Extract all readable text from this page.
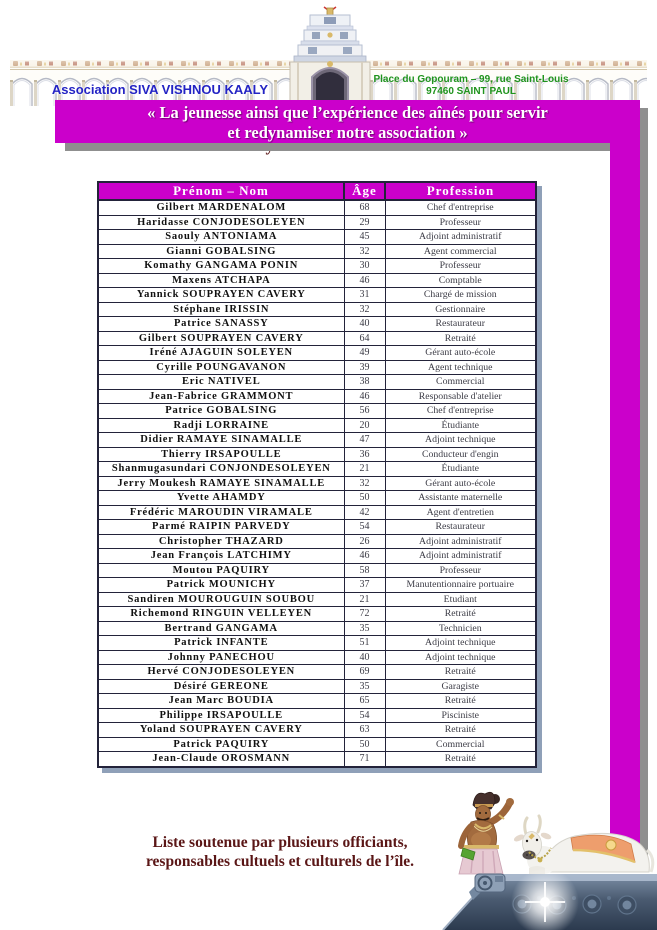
Association SIVA VISHNOU KAALY
Place du Gopouram – 99, rue Saint-Louis
97460 SAINT PAUL
« La jeunesse ainsi que l’expérience des aînés pour servir
et redynamiser notre association »
Prénom – Nom	Âge	Profession
Gilbert MARDENALOM	68	Chef d'entreprise
Haridasse CONJODESOLEYEN	29	Professeur
Saouly ANTONIAMA	45	Adjoint administratif
Gianni GOBALSING	32	Agent commercial
Komathy GANGAMA PONIN	30	Professeur
Maxens ATCHAPA	46	Comptable
Yannick SOUPRAYEN CAVERY	31	Chargé de mission
Stéphane IRISSIN	32	Gestionnaire
Patrice SANASSY	40	Restaurateur
Gilbert SOUPRAYEN CAVERY	64	Retraité
Iréné AJAGUIN SOLEYEN	49	Gérant auto-école
Cyrille POUNGAVANON	39	Agent technique
Eric NATIVEL	38	Commercial
Jean-Fabrice GRAMMONT	46	Responsable d'atelier
Patrice GOBALSING	56	Chef d'entreprise
Radji LORRAINE	20	Étudiante
Didier RAMAYE SINAMALLE	47	Adjoint technique
Thierry IRSAPOULLE	36	Conducteur d'engin
Shanmugasundari CONJONDESOLEYEN	21	Étudiante
Jerry Moukesh RAMAYE SINAMALLE	32	Gérant auto-école
Yvette AHAMDY	50	Assistante maternelle
Frédéric MAROUDIN VIRAMALE	42	Agent d'entretien
Parmé RAIPIN PARVEDY	54	Restaurateur
Christopher THAZARD	26	Adjoint administratif
Jean François LATCHIMY	46	Adjoint administratif
Moutou PAQUIRY	58	Professeur
Patrick MOUNICHY	37	Manutentionnaire portuaire
Sandiren MOUROUGUIN SOUBOU	21	Etudiant
Richemond RINGUIN VELLEYEN	72	Retraité
Bertrand GANGAMA	35	Technicien
Patrick INFANTE	51	Adjoint technique
Johnny PANECHOU	40	Adjoint technique
Hervé CONJODESOLEYEN	69	Retraité
Désiré GEREONE	35	Garagiste
Jean Marc BOUDIA	65	Retraité
Philippe IRSAPOULLE	54	Pisciniste
Yoland SOUPRAYEN CAVERY	63	Retraité
Patrick PAQUIRY	50	Commercial
Jean-Claude OROSMANN	71	Retraité
Liste soutenue par plusieurs officiants,
responsables cultuels et culturels de l’île.
